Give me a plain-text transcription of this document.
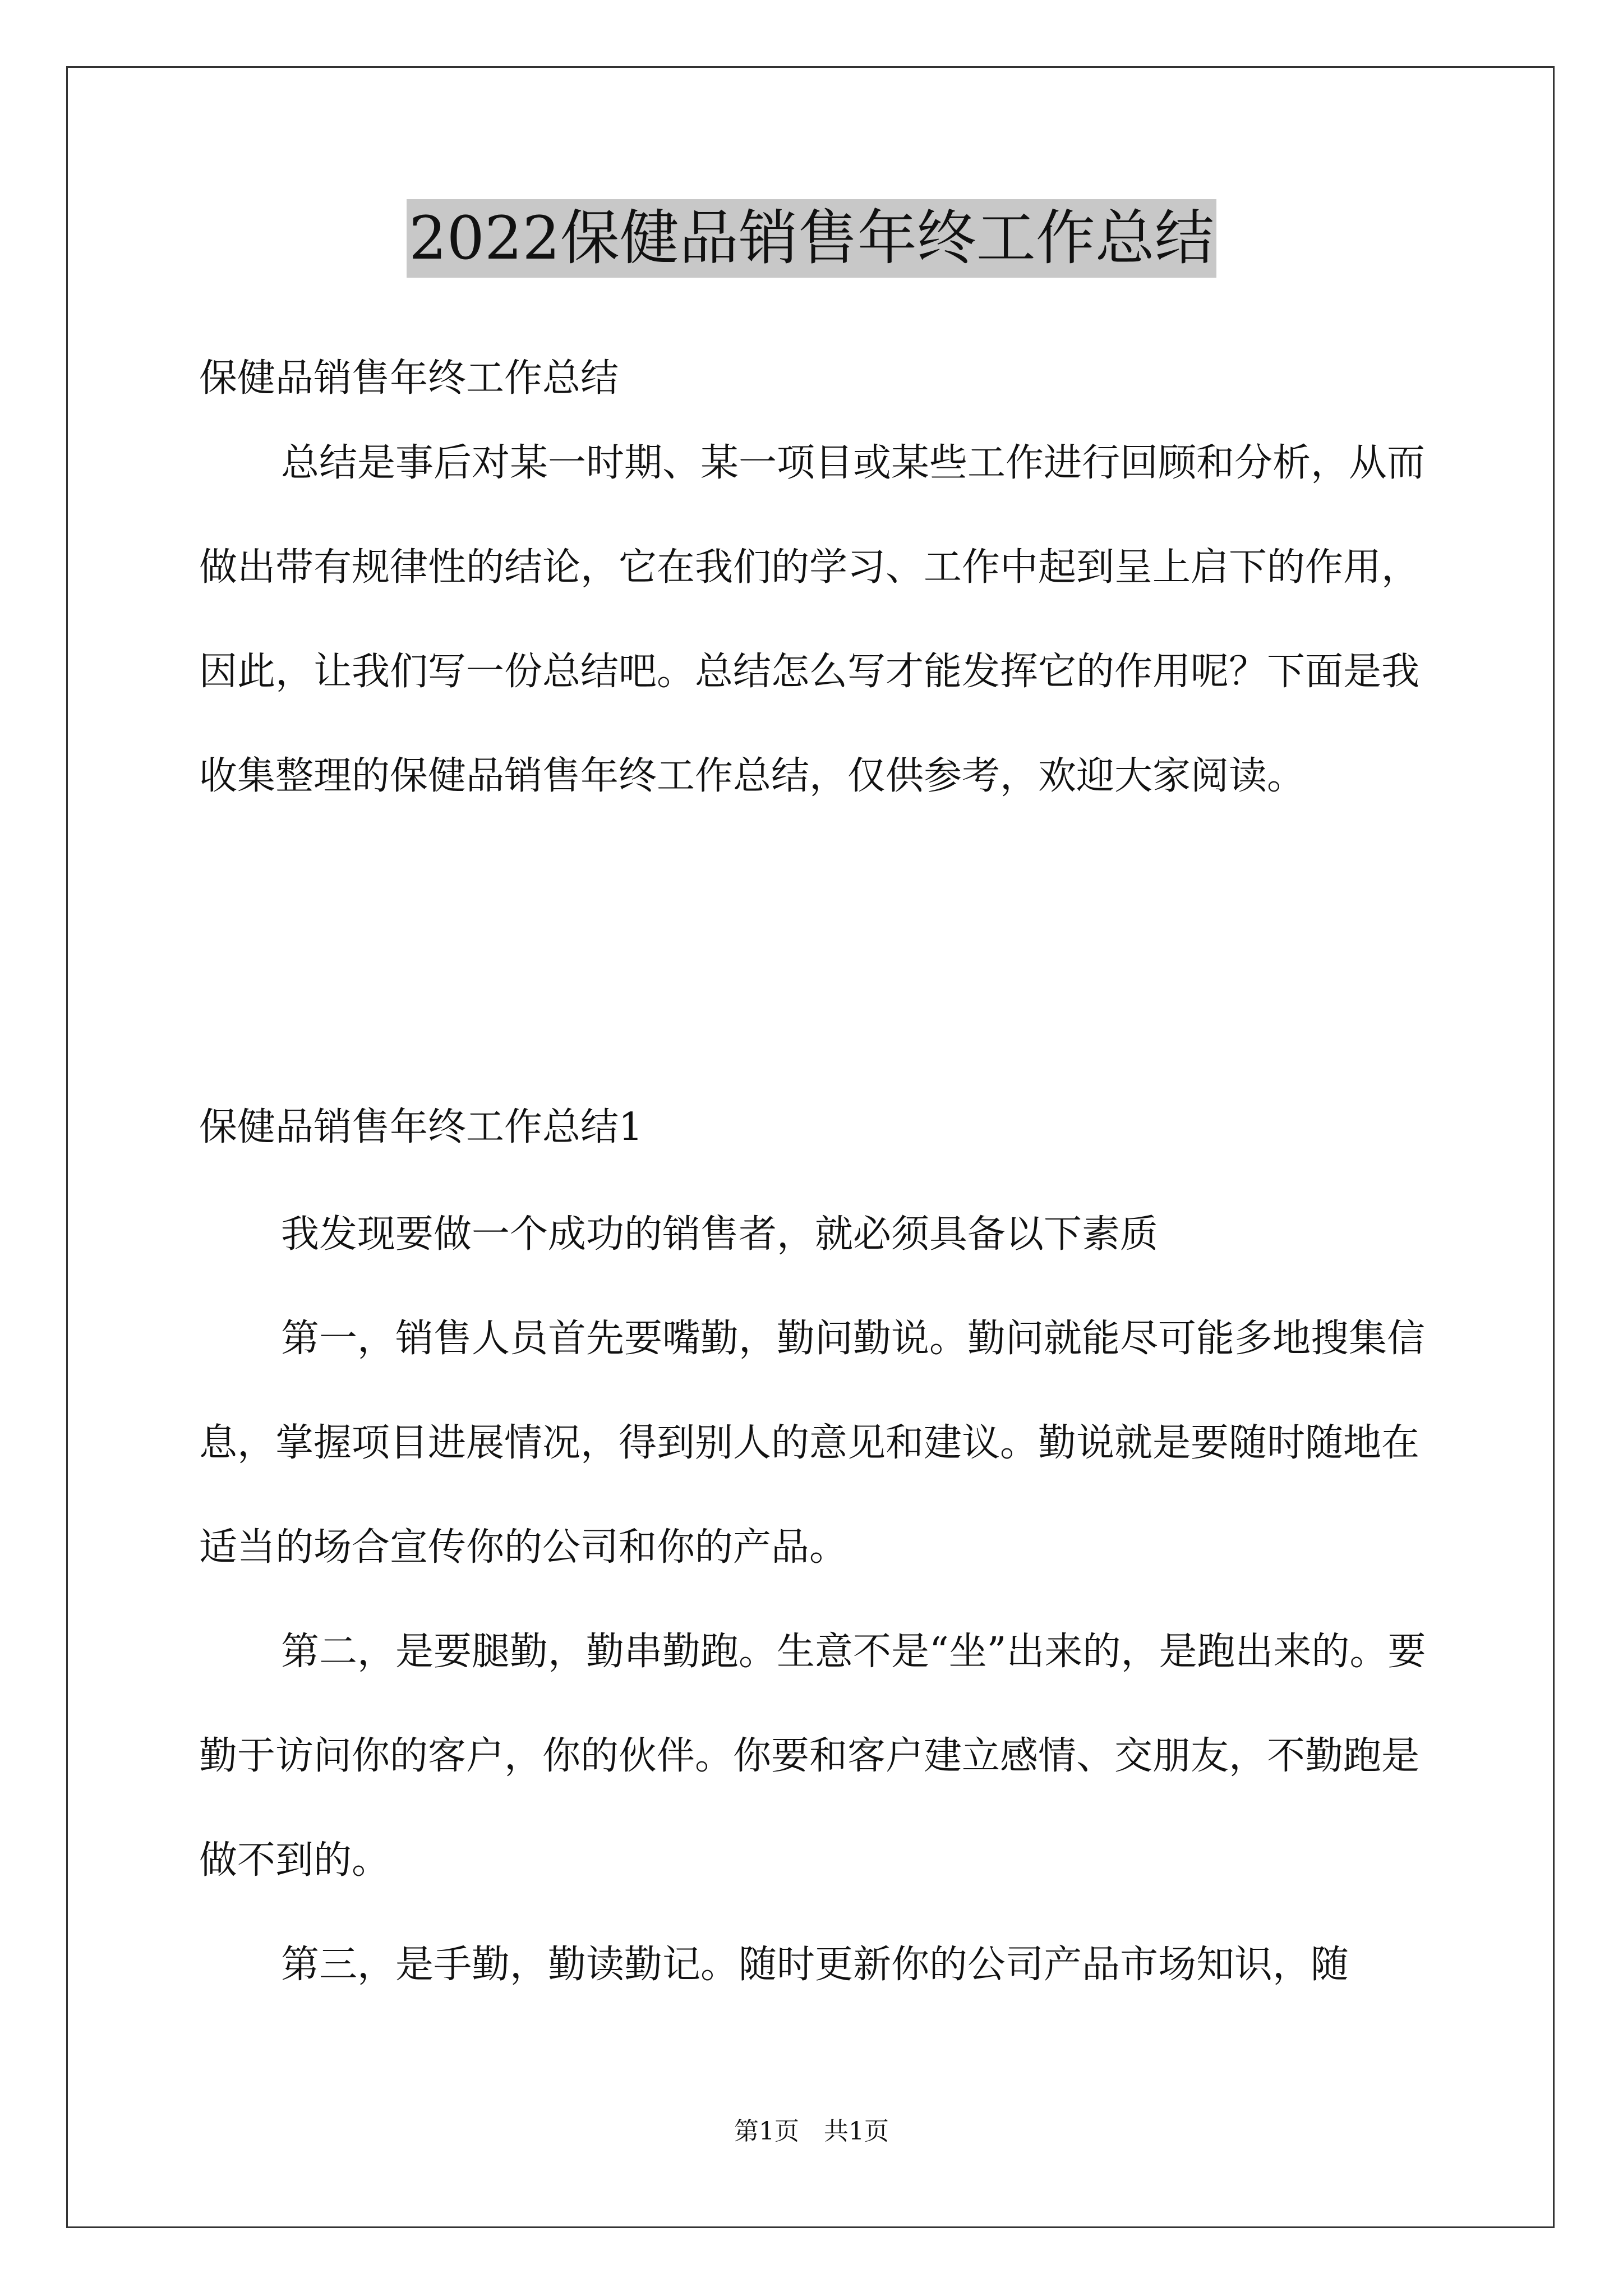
2022保健品销售年终工作总结

保健品销售年终工作总结

总结是事后对某一时期、某一项目或某些工作进行回顾和分析，从而做出带有规律性的结论，它在我们的学习、工作中起到呈上启下的作用，因此，让我们写一份总结吧。总结怎么写才能发挥它的作用呢？下面是我收集整理的保健品销售年终工作总结，仅供参考，欢迎大家阅读。

保健品销售年终工作总结1

我发现要做一个成功的销售者，就必须具备以下素质

第一，销售人员首先要嘴勤，勤问勤说。勤问就能尽可能多地搜集信息，掌握项目进展情况，得到别人的意见和建议。勤说就是要随时随地在适当的场合宣传你的公司和你的产品。

第二，是要腿勤，勤串勤跑。生意不是“坐”出来的，是跑出来的。要勤于访问你的客户，你的伙伴。你要和客户建立感情、交朋友，不勤跑是做不到的。

第三，是手勤，勤读勤记。随时更新你的公司产品市场知识，随

第1页　共1页
